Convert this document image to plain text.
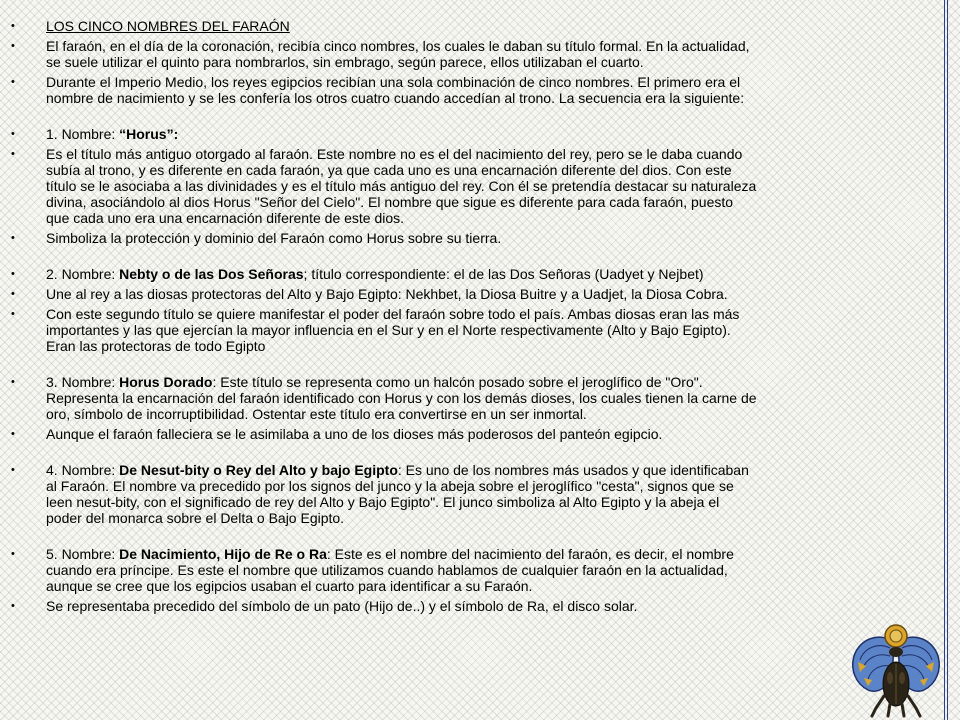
• LOS CINCO NOMBRES DEL FARAÓN
• El faraón, en el día de la coronación, recibía cinco nombres, los cuales le daban su título formal. En la actualidad,
se suele utilizar el quinto para nombrarlos, sin embrago, según parece, ellos utilizaban el cuarto.
• Durante el Imperio Medio, los reyes egipcios recibían una sola combinación de cinco nombres. El primero era el
nombre de nacimiento y se les confería los otros cuatro cuando accedían al trono. La secuencia era la siguiente:
• 1. Nombre: “Horus”:
• Es el título más antiguo otorgado al faraón. Este nombre no es el del nacimiento del rey, pero se le daba cuando
subía al trono, y es diferente en cada faraón, ya que cada uno es una encarnación diferente del dios. Con este
título se le asociaba a las divinidades y es el título más antiguo del rey. Con él se pretendía destacar su naturaleza
divina, asociándolo al dios Horus "Señor del Cielo". El nombre que sigue es diferente para cada faraón, puesto
que cada uno era una encarnación diferente de este dios.
• Simboliza la protección y dominio del Faraón como Horus sobre su tierra.
• 2. Nombre: Nebty o de las Dos Señoras; título correspondiente: el de las Dos Señoras (Uadyet y Nejbet)
• Une al rey a las diosas protectoras del Alto y Bajo Egipto: Nekhbet, la Diosa Buitre y a Uadjet, la Diosa Cobra.
• Con este segundo título se quiere manifestar el poder del faraón sobre todo el país. Ambas diosas eran las más
importantes y las que ejercían la mayor influencia en el Sur y en el Norte respectivamente (Alto y Bajo Egipto).
Eran las protectoras de todo Egipto
• 3. Nombre: Horus Dorado: Este título se representa como un halcón posado sobre el jeroglífico de "Oro".
Representa la encarnación del faraón identificado con Horus y con los demás dioses, los cuales tienen la carne de
oro, símbolo de incorruptibilidad. Ostentar este título era convertirse en un ser inmortal.
• Aunque el faraón falleciera se le asimilaba a uno de los dioses más poderosos del panteón egipcio.
• 4. Nombre: De Nesut-bity o Rey del Alto y bajo Egipto: Es uno de los nombres más usados y que identificaban
al Faraón. El nombre va precedido por los signos del junco y la abeja sobre el jeroglífico "cesta", signos que se
leen nesut-bity, con el significado de rey del Alto y Bajo Egipto". El junco simboliza al Alto Egipto y la abeja el
poder del monarca sobre el Delta o Bajo Egipto.
• 5. Nombre: De Nacimiento, Hijo de Re o Ra: Este es el nombre del nacimiento del faraón, es decir, el nombre
cuando era príncipe. Es este el nombre que utilizamos cuando hablamos de cualquier faraón en la actualidad,
aunque se cree que los egipcios usaban el cuarto para identificar a su Faraón.
• Se representaba precedido del símbolo de un pato (Hijo de..) y el símbolo de Ra, el disco solar.
